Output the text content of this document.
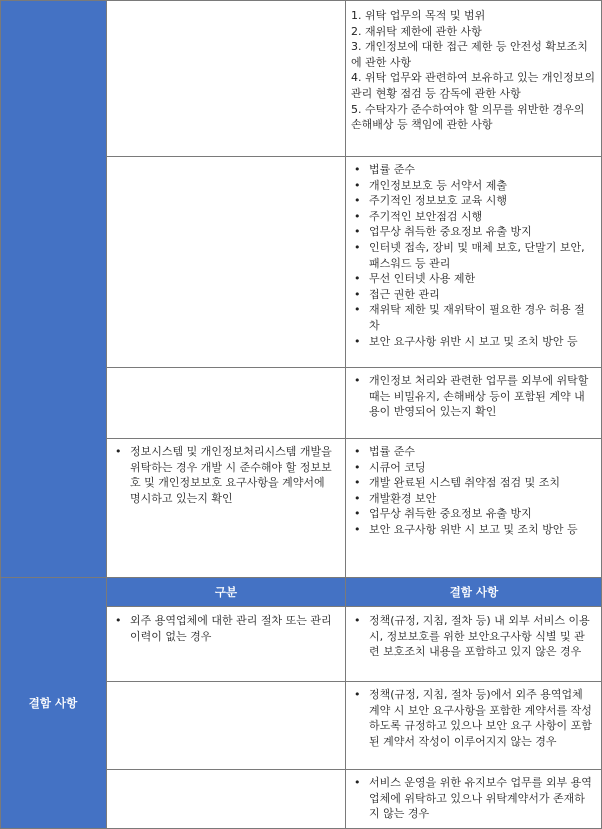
결함 사항
구분	결함 사항
1. 위탁 업무의 목적 및 범위
2. 재위탁 제한에 관한 사항
3. 개인정보에 대한 접근 제한 등 안전성 확보조치에 관한 사항
4. 위탁 업무와 관련하여 보유하고 있는 개인정보의 관리 현황 점검 등 감독에 관한 사항
5. 수탁자가 준수하여야 할 의무를 위반한 경우의 손해배상 등 책임에 관한 사항
• 법률 준수
• 개인정보보호 등 서약서 제출
• 주기적인 정보보호 교육 시행
• 주기적인 보안점검 시행
• 업무상 취득한 중요정보 유출 방지
• 인터넷 접속, 장비 및 매체 보호, 단말기 보안, 패스워드 등 관리
• 무선 인터넷 사용 제한
• 접근 권한 관리
• 재위탁 제한 및 재위탁이 필요한 경우 허용 절차
• 보안 요구사항 위반 시 보고 및 조치 방안 등
• 개인정보 처리와 관련한 업무를 외부에 위탁할 때는 비밀유지, 손해배상 등이 포함된 계약 내용이 반영되어 있는지 확인
• 정보시스템 및 개인정보처리시스템 개발을 위탁하는 경우 개발 시 준수해야 할 정보보호 및 개인정보보호 요구사항을 계약서에 명시하고 있는지 확인
• 법률 준수
• 시큐어 코딩
• 개발 완료된 시스템 취약점 점검 및 조치
• 개발환경 보안
• 업무상 취득한 중요정보 유출 방지
• 보안 요구사항 위반 시 보고 및 조치 방안 등
• 외주 용역업체에 대한 관리 절차 또는 관리 이력이 없는 경우
• 정책(규정, 지침, 절차 등) 내 외부 서비스 이용 시, 정보보호를 위한 보안요구사항 식별 및 관련 보호조치 내용을 포함하고 있지 않은 경우
• 정책(규정, 지침, 절차 등)에서 외주 용역업체 계약 시 보안 요구사항을 포함한 계약서를 작성하도록 규정하고 있으나 보안 요구 사항이 포함된 계약서 작성이 이루어지지 않는 경우
• 서비스 운영을 위한 유지보수 업무를 외부 용역업체에 위탁하고 있으나 위탁계약서가 존재하지 않는 경우
